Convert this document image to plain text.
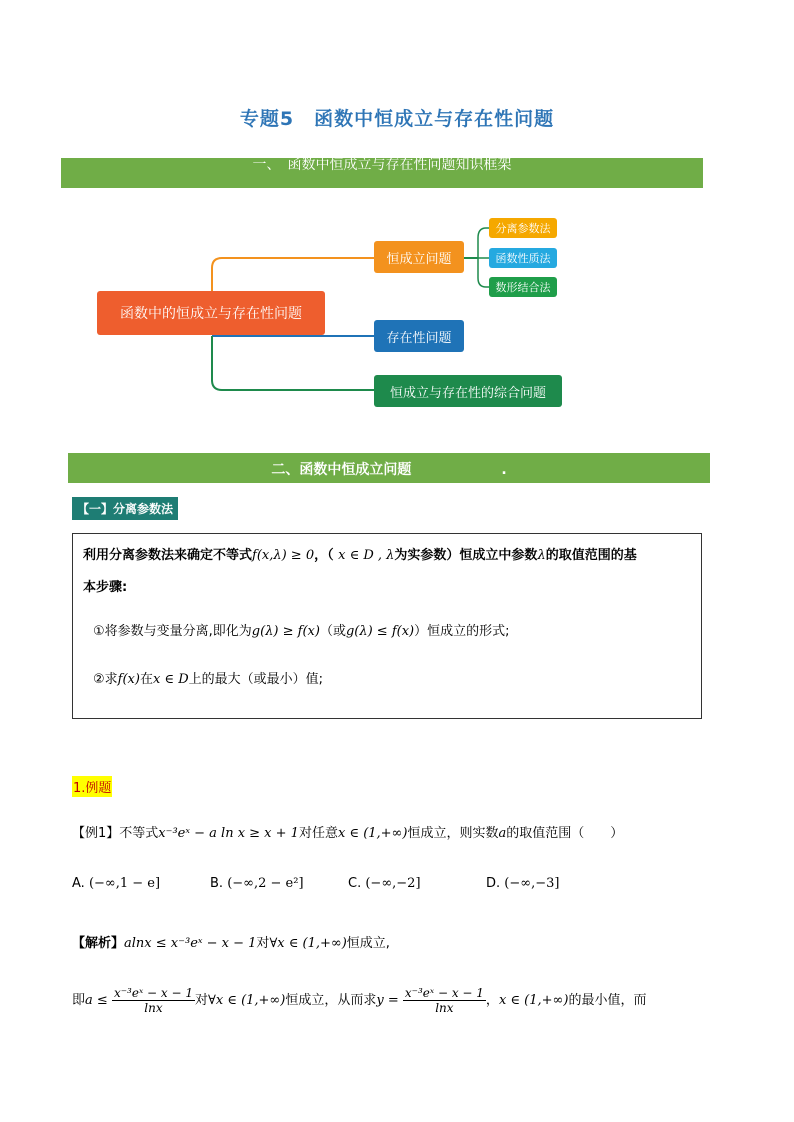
专题5　函数中恒成立与存在性问题
一、　函数中恒成立与存在性问题知识框架
函数中的恒成立与存在性问题
恒成立问题
存在性问题
恒成立与存在性的综合问题
分离参数法
函数性质法
数形结合法
二、函数中恒成立问题	.
【一】分离参数法

利用分离参数法来确定不等式f(x,λ) ≥ 0，（ x ∈ D , λ为实参数）恒成立中参数λ的取值范围的基

本步骤:

①将参数与变量分离,即化为g(λ) ≥ f(x)（或g(λ) ≤ f(x)）恒成立的形式;

②求f(x)在x ∈ D上的最大（或最小）值;

1.例题
【例1】不等式x⁻³eˣ − a ln x ≥ x + 1对任意x ∈ (1,+∞)恒成立，则实数a的取值范围（　　）
A. (−∞,1 − e]	B. (−∞,2 − e²]	C. (−∞,−2]	D. (−∞,−3]
【解析】alnx ≤ x⁻³eˣ − x − 1对∀x ∈ (1,+∞)恒成立,
即$a \le \frac{\text{x⁻³eˣ − x − 1}}{\ln x}$ 对∀x ∈ (1,+∞)恒成立，从而求$y = \frac{\text{x⁻³eˣ − x − 1}}{\ln x}$ ，x ∈ (1,+∞)的最小值，而
